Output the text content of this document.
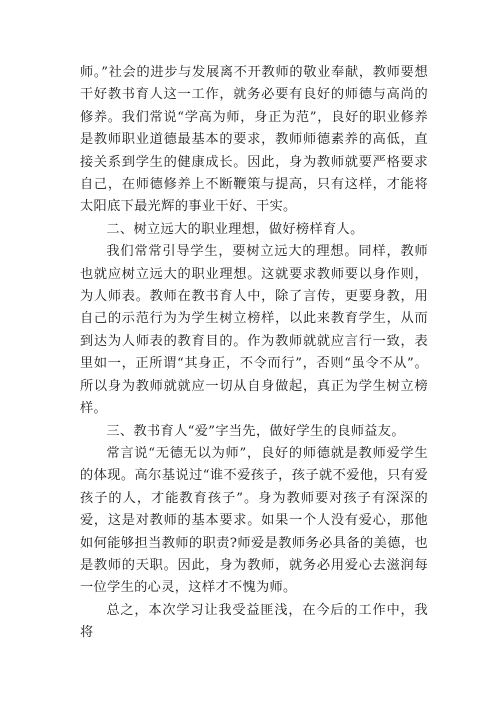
师。”社会的进步与发展离不开教师的敬业奉献，教师要想干好教书育人这一工作，就务必要有良好的师德与高尚的修养。我们常说“学高为师，身正为范”，良好的职业修养是教师职业道德最基本的要求，教师师德素养的高低，直接关系到学生的健康成长。因此，身为教师就要严格要求自己，在师德修养上不断鞭策与提高，只有这样，才能将太阳底下最光辉的事业干好、干实。

二、树立远大的职业理想，做好榜样育人。

我们常常引导学生，要树立远大的理想。同样，教师也就应树立远大的职业理想。这就要求教师要以身作则，为人师表。教师在教书育人中，除了言传，更要身教，用自己的示范行为为学生树立榜样，以此来教育学生，从而到达为人师表的教育目的。作为教师就就应言行一致，表里如一，正所谓“其身正，不令而行”，否则“虽令不从”。所以身为教师就就应一切从自身做起，真正为学生树立榜样。

三、教书育人“爱”字当先，做好学生的良师益友。

常言说“无德无以为师”，良好的师德就是教师爱学生的体现。高尔基说过“谁不爱孩子，孩子就不爱他，只有爱孩子的人，才能教育孩子”。身为教师要对孩子有深深的爱，这是对教师的基本要求。如果一个人没有爱心，那他如何能够担当教师的职责?师爱是教师务必具备的美德，也是教师的天职。因此，身为教师，就务必用爱心去滋润每一位学生的心灵，这样才不愧为师。

总之，本次学习让我受益匪浅，在今后的工作中，我将
